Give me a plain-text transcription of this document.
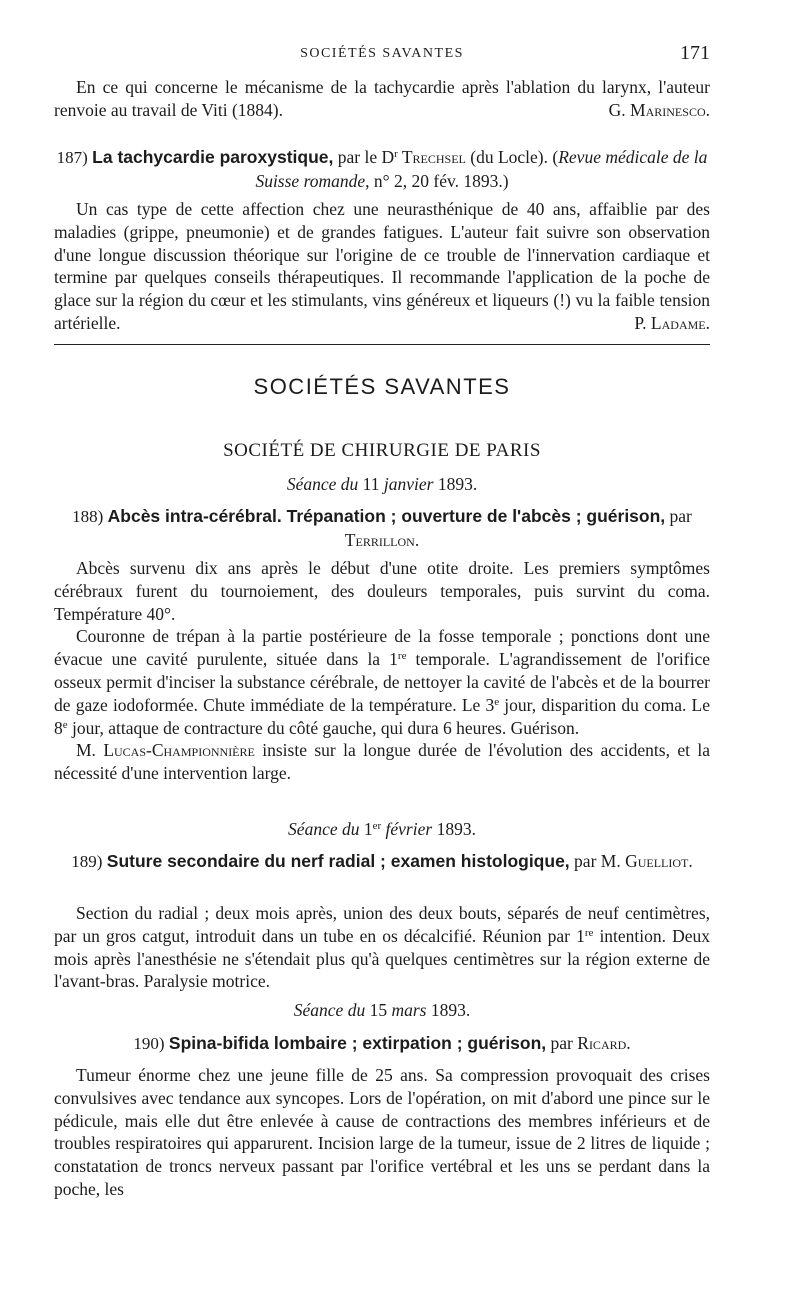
SOCIÉTÉS SAVANTES	171

En ce qui concerne le mécanisme de la tachycardie après l'ablation du larynx, l'auteur renvoie au travail de Viti (1884).	G. Marinesco.

187) La tachycardie paroxystique, par le $D^r$ Trechsel (du Locle). (Revue médicale de la Suisse romande, n° 2, 20 fév. 1893.)

Un cas type de cette affection chez une neurasthénique de 40 ans, affaiblie par des maladies (grippe, pneumonie) et de grandes fatigues. L'auteur fait suivre son observation d'une longue discussion théorique sur l'origine de ce trouble de l'innervation cardiaque et termine par quelques conseils thérapeutiques. Il recommande l'application de la poche de glace sur la région du cœur et les stimulants, vins généreux et liqueurs (!) vu la faible tension artérielle.	P. Ladame.

SOCIÉTÉS SAVANTES
SOCIÉTÉ DE CHIRURGIE DE PARIS
Séance du 11 janvier 1893.
188) Abcès intra-cérébral. Trépanation ; ouverture de l'abcès ; guérison, par Terrillon.

Abcès survenu dix ans après le début d'une otite droite. Les premiers symptômes cérébraux furent du tournoiement, des douleurs temporales, puis survint du coma. Température 40°.

Couronne de trépan à la partie postérieure de la fosse temporale ; ponctions dont une évacue une cavité purulente, située dans la 1re temporale. L'agrandissement de l'orifice osseux permit d'inciser la substance cérébrale, de nettoyer la cavité de l'abcès et de la bourrer de gaze iodoformée. Chute immédiate de la température. Le 3e jour, disparition du coma. Le 8e jour, attaque de contracture du côté gauche, qui dura 6 heures. Guérison.

M. Lucas-Championnière insiste sur la longue durée de l'évolution des accidents, et la nécessité d'une intervention large.

Séance du 1er février 1893.
189) Suture secondaire du nerf radial ; examen histologique, par M. Guelliot.

Section du radial ; deux mois après, union des deux bouts, séparés de neuf centimètres, par un gros catgut, introduit dans un tube en os décalcifié. Réunion par 1re intention. Deux mois après l'anesthésie ne s'étendait plus qu'à quelques centimètres sur la région externe de l'avant-bras. Paralysie motrice.

Séance du 15 mars 1893.
190) Spina-bifida lombaire ; extirpation ; guérison, par Ricard.

Tumeur énorme chez une jeune fille de 25 ans. Sa compression provoquait des crises convulsives avec tendance aux syncopes. Lors de l'opération, on mit d'abord une pince sur le pédicule, mais elle dut être enlevée à cause de contractions des membres inférieurs et de troubles respiratoires qui apparurent. Incision large de la tumeur, issue de 2 litres de liquide ; constatation de troncs nerveux passant par l'orifice vertébral et les uns se perdant dans la poche, les
